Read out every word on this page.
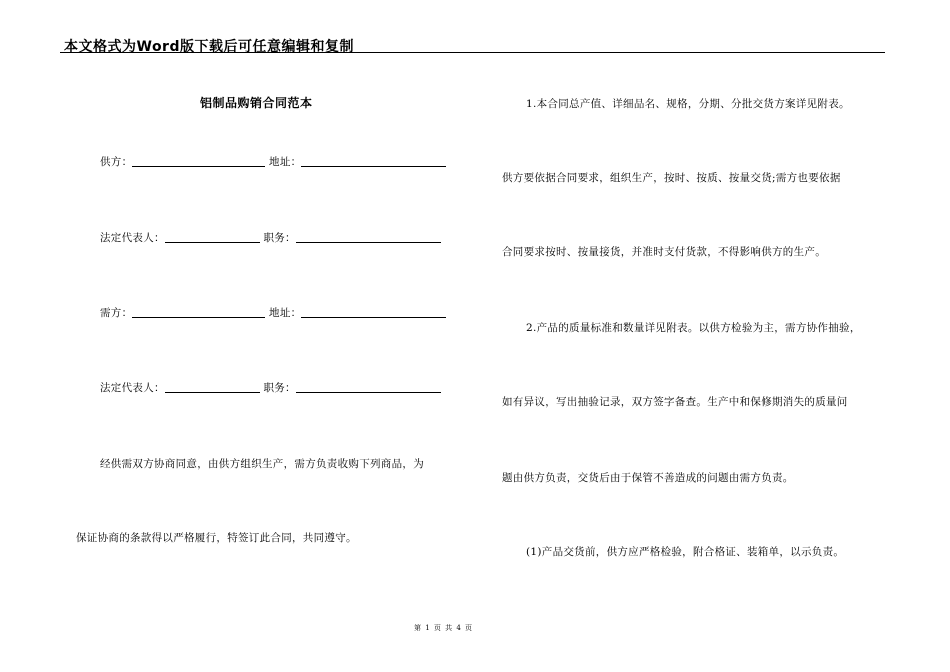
本文格式为Word版下载后可任意编辑和复制
铝制品购销合同范本
供方：	地址：
法定代表人：	职务：
需方：	地址：
法定代表人：	职务：
经供需双方协商同意，由供方组织生产，需方负责收购下列商品，为
保证协商的条款得以严格履行，特签订此合同，共同遵守。
1.本合同总产值、详细品名、规格，分期、分批交货方案详见附表。
供方要依据合同要求，组织生产，按时、按质、按量交货;需方也要依据
合同要求按时、按量接货，并准时支付货款，不得影响供方的生产。
2.产品的质量标准和数量详见附表。以供方检验为主，需方协作抽验，
如有异议，写出抽验记录，双方签字备查。生产中和保修期消失的质量问
题由供方负责，交货后由于保管不善造成的问题由需方负责。
(1)产品交货前，供方应严格检验，附合格证、装箱单，以示负责。
第 1 页 共 4 页
